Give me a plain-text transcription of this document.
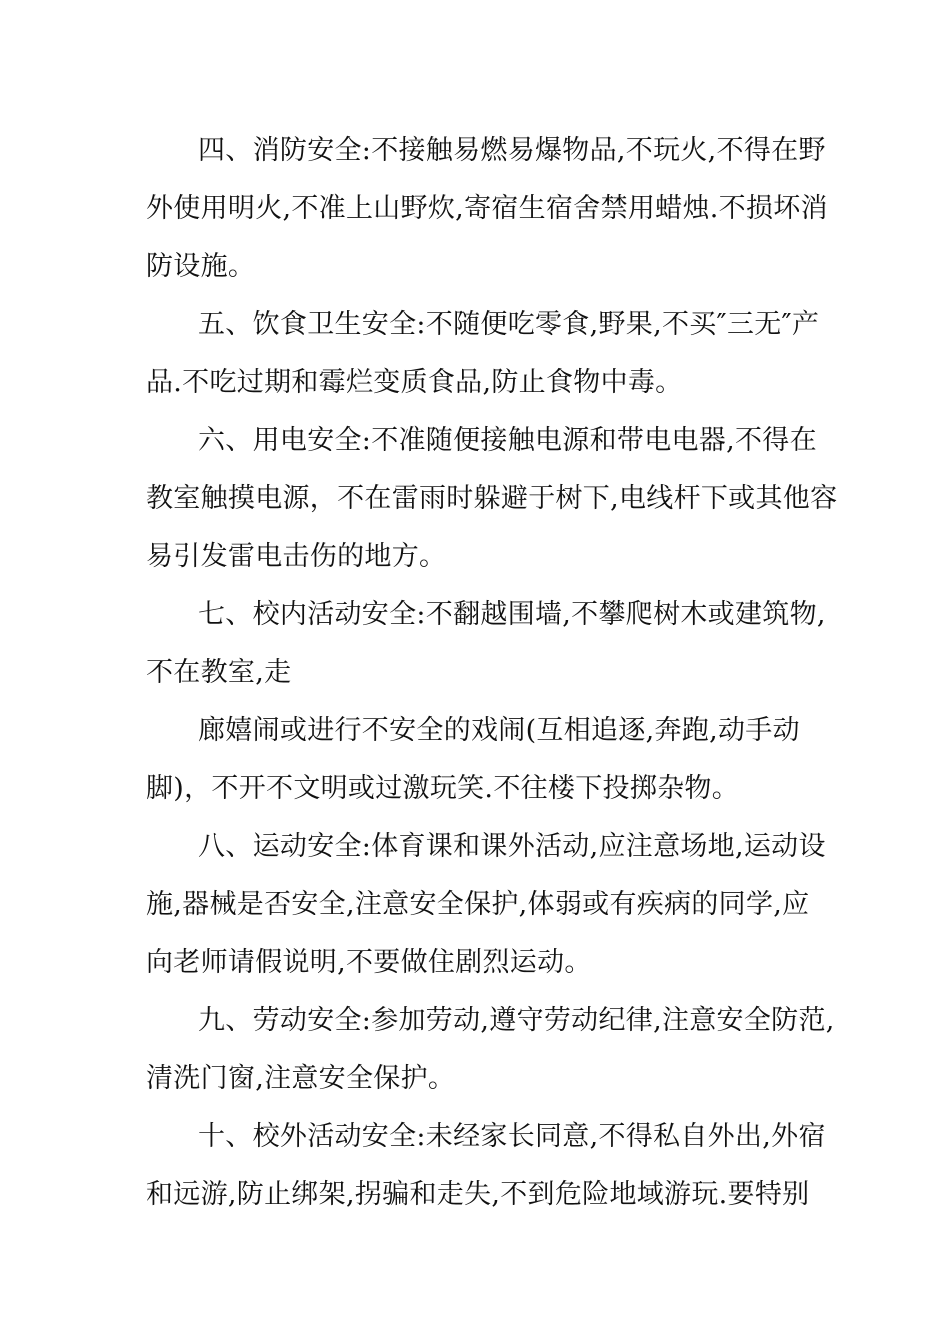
四、消防安全:不接触易燃易爆物品,不玩火,不得在野
外使用明火,不准上山野炊,寄宿生宿舍禁用蜡烛.不损坏消
防设施。
五、饮食卫生安全:不随便吃零食,野果,不买″三无″产
品.不吃过期和霉烂变质食品,防止食物中毒。
六、用电安全:不准随便接触电源和带电电器,不得在
教室触摸电源，不在雷雨时躲避于树下,电线杆下或其他容
易引发雷电击伤的地方。
七、校内活动安全:不翻越围墙,不攀爬树木或建筑物,
不在教室,走
廊嬉闹或进行不安全的戏闹(互相追逐,奔跑,动手动
脚)，不开不文明或过激玩笑.不往楼下投掷杂物。
八、运动安全:体育课和课外活动,应注意场地,运动设
施,器械是否安全,注意安全保护,体弱或有疾病的同学,应
向老师请假说明,不要做住剧烈运动。
九、劳动安全:参加劳动,遵守劳动纪律,注意安全防范,
清洗门窗,注意安全保护。
十、校外活动安全:未经家长同意,不得私自外出,外宿
和远游,防止绑架,拐骗和走失,不到危险地域游玩.要特别
